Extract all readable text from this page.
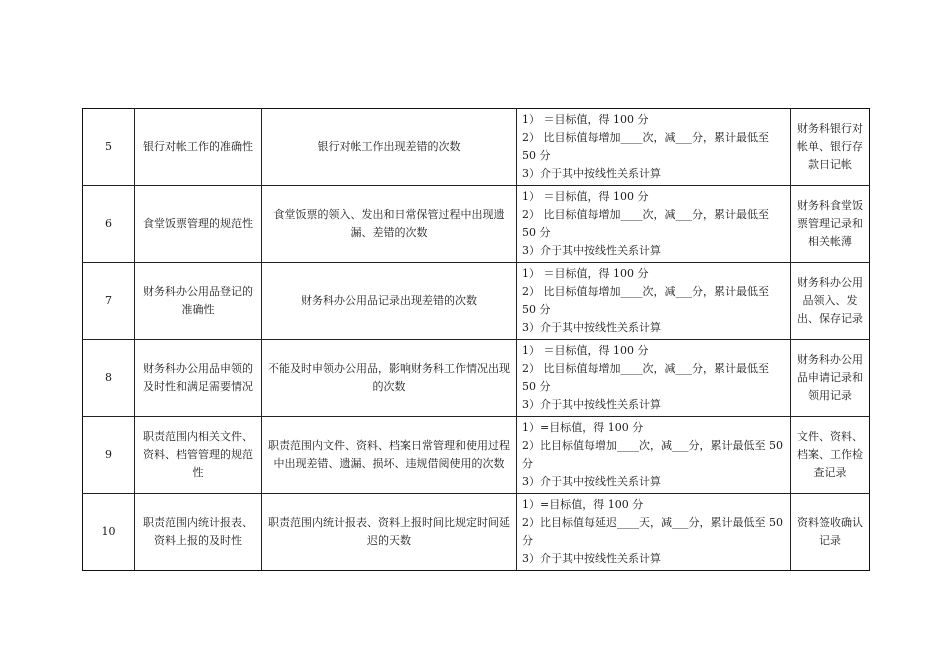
5	银行对帐工作的准确性	银行对帐工作出现差错的次数	1） ＝目标值，得 100 分
2） 比目标值每增加____次，减___分，累计最低至 50 分
3）介于其中按线性关系计算	财务科银行对帐单、银行存款日记帐
6	食堂饭票管理的规范性	食堂饭票的领入、发出和日常保管过程中出现遗漏、差错的次数	1） ＝目标值，得 100 分
2） 比目标值每增加____次，减___分，累计最低至 50 分
3）介于其中按线性关系计算	财务科食堂饭票管理记录和相关帐薄
7	财务科办公用品登记的准确性	财务科办公用品记录出现差错的次数	1） ＝目标值，得 100 分
2） 比目标值每增加____次，减___分，累计最低至 50 分
3）介于其中按线性关系计算	财务科办公用品领入、发出、保存记录
8	财务科办公用品申领的及时性和满足需要情况	不能及时申领办公用品，影响财务科工作情况出现的次数	1） ＝目标值，得 100 分
2） 比目标值每增加____次，减___分，累计最低至 50 分
3）介于其中按线性关系计算	财务科办公用品申请记录和领用记录
9	职责范围内相关文件、资料、档管管理的规范性	职责范围内文件、资料、档案日常管理和使用过程中出现差错、遗漏、损坏、违规借阅使用的次数	1）=目标值，得 100 分
2）比目标值每增加____次，减___分，累计最低至 50 分
3）介于其中按线性关系计算	文件、资料、档案、工作检查记录
10	职责范围内统计报表、资料上报的及时性	职责范围内统计报表、资料上报时间比规定时间延迟的天数	1）=目标值，得 100 分
2）比目标值每延迟____天，减___分，累计最低至 50 分
3）介于其中按线性关系计算	资料签收确认记录
